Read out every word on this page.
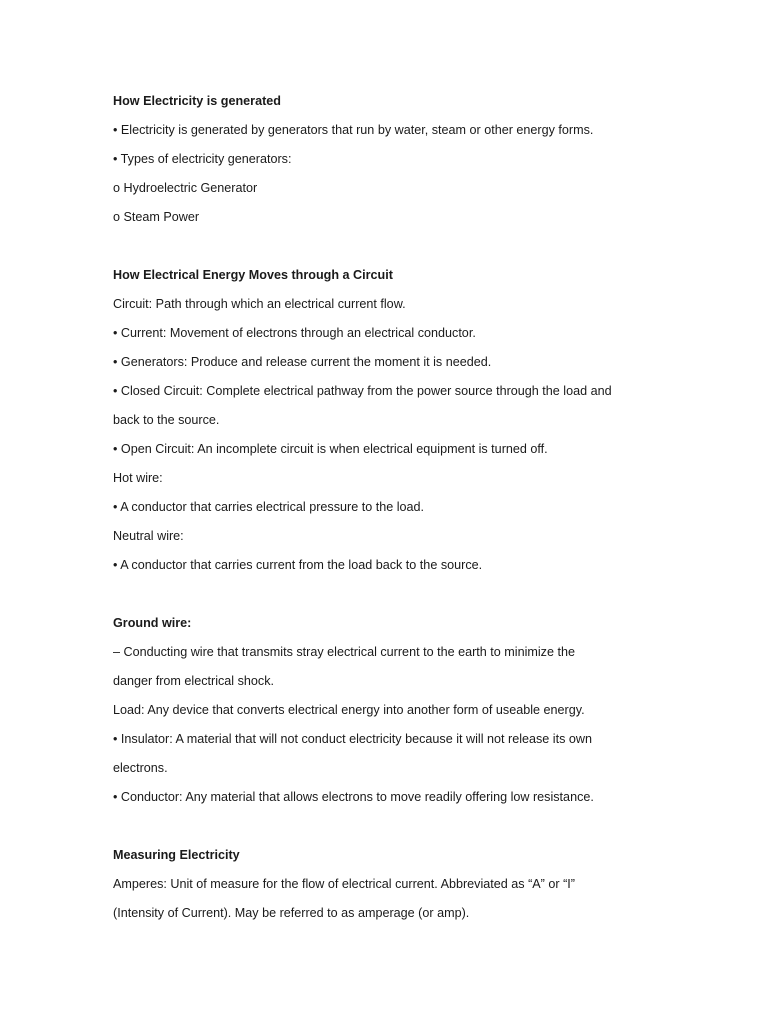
How Electricity is generated
• Electricity is generated by generators that run by water, steam or other energy forms.
• Types of electricity generators:
o Hydroelectric Generator
o Steam Power
How Electrical Energy Moves through a Circuit
Circuit: Path through which an electrical current flow.
• Current: Movement of electrons through an electrical conductor.
• Generators: Produce and release current the moment it is needed.
• Closed Circuit: Complete electrical pathway from the power source through the load and
back to the source.
• Open Circuit: An incomplete circuit is when electrical equipment is turned off.
Hot wire:
• A conductor that carries electrical pressure to the load.
Neutral wire:
• A conductor that carries current from the load back to the source.
Ground wire:
– Conducting wire that transmits stray electrical current to the earth to minimize the
danger from electrical shock.
Load: Any device that converts electrical energy into another form of useable energy.
• Insulator: A material that will not conduct electricity because it will not release its own
electrons.
• Conductor: Any material that allows electrons to move readily offering low resistance.
Measuring Electricity
Amperes: Unit of measure for the flow of electrical current. Abbreviated as “A” or “I”
(Intensity of Current). May be referred to as amperage (or amp).
